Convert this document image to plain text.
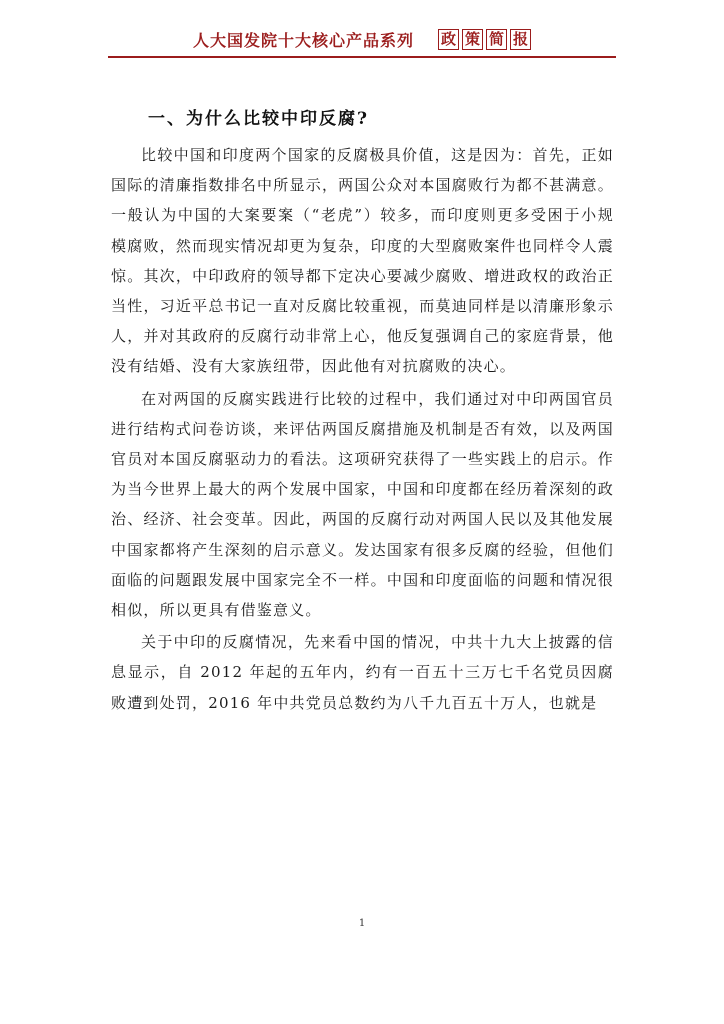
人大国发院十大核心产品系列 政 策 简 报
一、为什么比较中印反腐?

比较中国和印度两个国家的反腐极具价值，这是因为：首先，正如国际的清廉指数排名中所显示，两国公众对本国腐败行为都不甚满意。一般认为中国的大案要案（“老虎”）较多，而印度则更多受困于小规模腐败，然而现实情况却更为复杂，印度的大型腐败案件也同样令人震惊。其次，中印政府的领导都下定决心要减少腐败、增进政权的政治正当性，习近平总书记一直对反腐比较重视，而莫迪同样是以清廉形象示人，并对其政府的反腐行动非常上心，他反复强调自己的家庭背景，他没有结婚、没有大家族纽带，因此他有对抗腐败的决心。

在对两国的反腐实践进行比较的过程中，我们通过对中印两国官员进行结构式问卷访谈，来评估两国反腐措施及机制是否有效，以及两国官员对本国反腐驱动力的看法。这项研究获得了一些实践上的启示。作为当今世界上最大的两个发展中国家，中国和印度都在经历着深刻的政治、经济、社会变革。因此，两国的反腐行动对两国人民以及其他发展中国家都将产生深刻的启示意义。发达国家有很多反腐的经验，但他们面临的问题跟发展中国家完全不一样。中国和印度面临的问题和情况很相似，所以更具有借鉴意义。

关于中印的反腐情况，先来看中国的情况，中共十九大上披露的信息显示，自 2012 年起的五年内，约有一百五十三万七千名党员因腐败遭到处罚，2016 年中共党员总数约为八千九百五十万人，也就是

1
